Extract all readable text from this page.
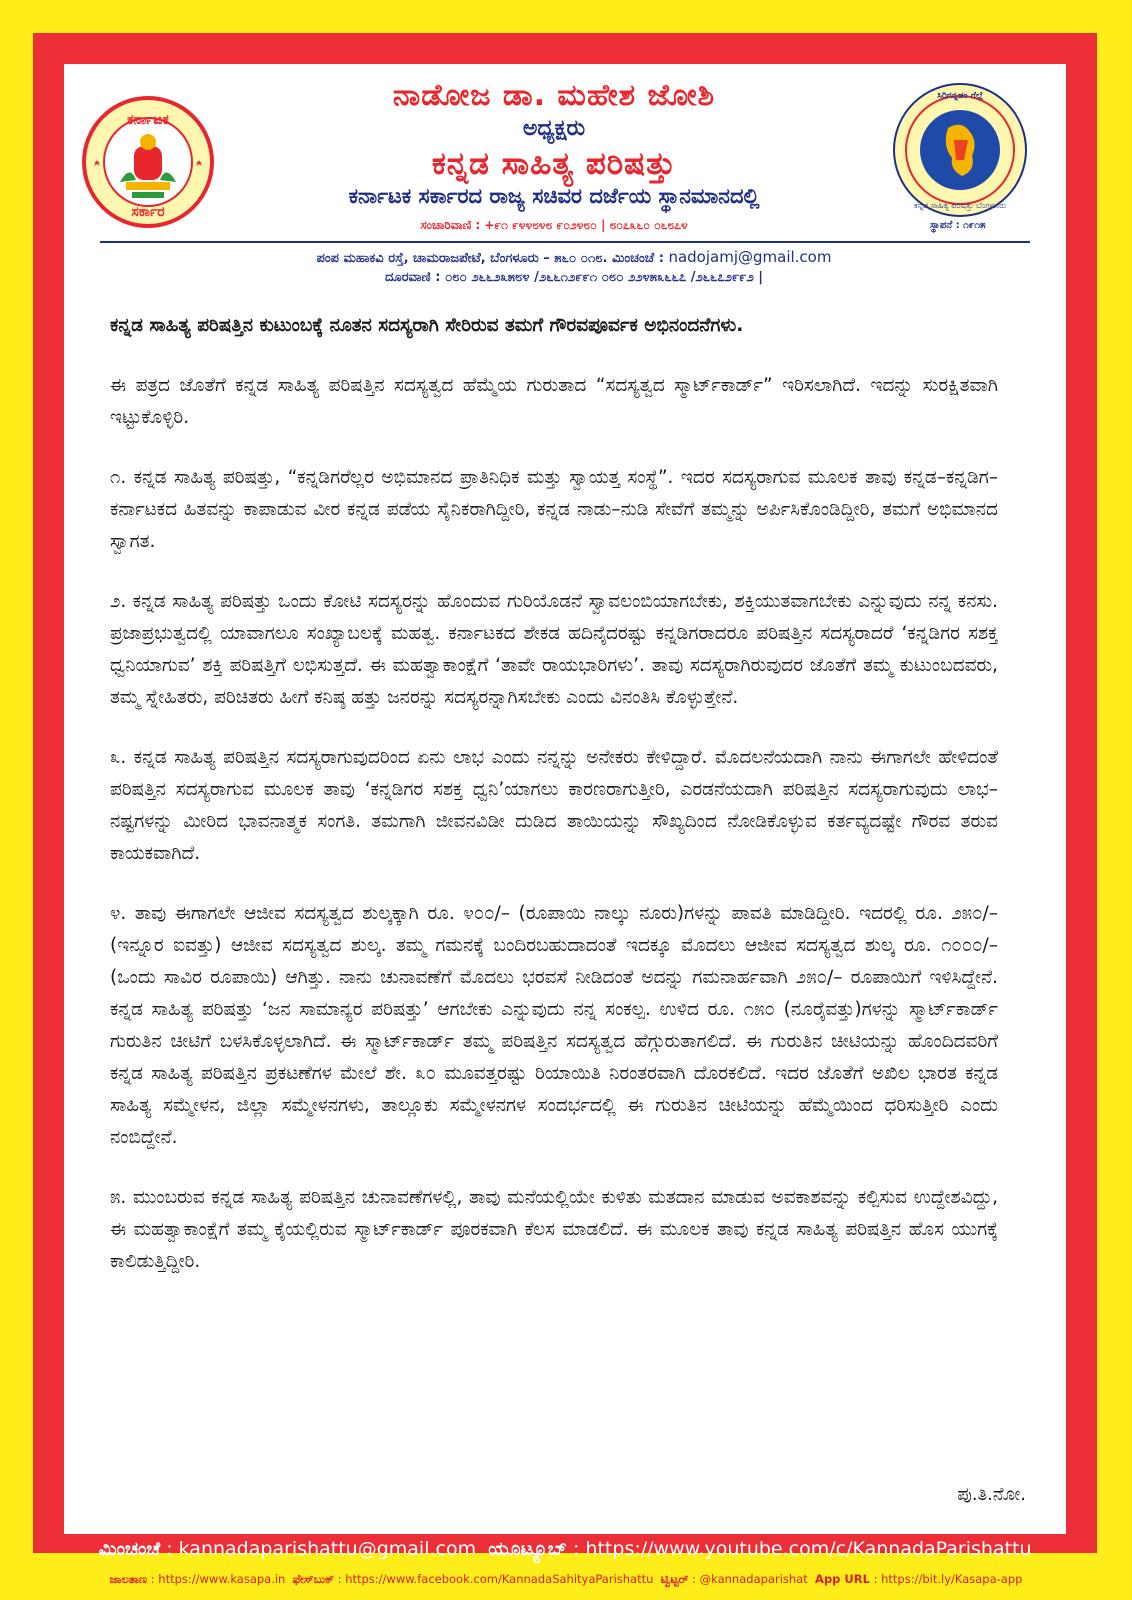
ಕರ್ನಾಟಕ
ಸರ್ಕಾರ
ನಾಡೋಜ ಡಾ. ಮಹೇಶ ಜೋಶಿ
ಅಧ್ಯಕ್ಷರು
ಕನ್ನಡ ಸಾಹಿತ್ಯ ಪರಿಷತ್ತು
ಕರ್ನಾಟಕ ಸರ್ಕಾರದ ರಾಜ್ಯ ಸಚಿವರ ದರ್ಜೆಯ ಸ್ಥಾನಮಾನದಲ್ಲಿ
ಸಂಚಾರಿವಾಣಿ : +೯೧ ೯೪೪೮೪೮ ೯೦೨೪೮೦ | ೮೦೭೩೬೦ ೦೬೮೭೪
ಸಿರಿಗನ್ನಡಂ ಗೆಲ್ಗೆ
ಕನ್ನಡ ಸಾಹಿತ್ಯ ಪರಿಷತ್ತು ಬೆಂಗಳೂರು
ಸ್ಥಾಪನೆ : ೧೯೧೫
ಪಂಪ ಮಹಾಕವಿ ರಸ್ತೆ, ಚಾಮರಾಜಪೇಟೆ, ಬೆಂಗಳೂರು – ೫೬೦ ೦೧೮. ಮಿಂಚಂಚೆ : nadojamj@gmail.com
ದೂರವಾಣಿ : ೦೮೦ ೨೬೬೨೩೫೮೪ /೨೬೬೧೨೯೯೧ ೦೮೦ ೨೨೪೫೩೬೬೭ /೨೬೬೭೨೯೯೨ |

ಕನ್ನಡ ಸಾಹಿತ್ಯ ಪರಿಷತ್ತಿನ ಕುಟುಂಬಕ್ಕೆ ನೂತನ ಸದಸ್ಯರಾಗಿ ಸೇರಿರುವ ತಮಗೆ ಗೌರವಪೂರ್ವಕ ಅಭಿನಂದನೆಗಳು.

ಈ ಪತ್ರದ ಜೊತೆಗೆ ಕನ್ನಡ ಸಾಹಿತ್ಯ ಪರಿಷತ್ತಿನ ಸದಸ್ಯತ್ವದ ಹೆಮ್ಮೆಯ ಗುರುತಾದ “ಸದಸ್ಯತ್ವದ ಸ್ಮಾರ್ಟ್‌ಕಾರ್ಡ್” ಇರಿಸಲಾಗಿದೆ. ಇದನ್ನು ಸುರಕ್ಷಿತವಾಗಿ ಇಟ್ಟುಕೊಳ್ಳಿರಿ.

೧. ಕನ್ನಡ ಸಾಹಿತ್ಯ ಪರಿಷತ್ತು, “ಕನ್ನಡಿಗರೆಲ್ಲರ ಅಭಿಮಾನದ ಪ್ರಾತಿನಿಧಿಕ ಮತ್ತು ಸ್ವಾಯತ್ತ ಸಂಸ್ಥೆ”. ಇದರ ಸದಸ್ಯರಾಗುವ ಮೂಲಕ ತಾವು ಕನ್ನಡ–ಕನ್ನಡಿಗ–ಕರ್ನಾಟಕದ ಹಿತವನ್ನು ಕಾಪಾಡುವ ವೀರ ಕನ್ನಡ ಪಡೆಯ ಸೈನಿಕರಾಗಿದ್ದೀರಿ, ಕನ್ನಡ ನಾಡು–ನುಡಿ ಸೇವೆಗೆ ತಮ್ಮನ್ನು ಅರ್ಪಿಸಿಕೊಂಡಿದ್ದೀರಿ, ತಮಗೆ ಅಭಿಮಾನದ ಸ್ವಾಗತ.

೨. ಕನ್ನಡ ಸಾಹಿತ್ಯ ಪರಿಷತ್ತು ಒಂದು ಕೋಟಿ ಸದಸ್ಯರನ್ನು ಹೊಂದುವ ಗುರಿಯೊಡನೆ ಸ್ವಾವಲಂಬಿಯಾಗಬೇಕು, ಶಕ್ತಿಯುತವಾಗಬೇಕು ಎನ್ನುವುದು ನನ್ನ ಕನಸು. ಪ್ರಜಾಪ್ರಭುತ್ವದಲ್ಲಿ ಯಾವಾಗಲೂ ಸಂಖ್ಯಾಬಲಕ್ಕೆ ಮಹತ್ವ. ಕರ್ನಾಟಕದ ಶೇಕಡ ಹದಿನೈದರಷ್ಟು ಕನ್ನಡಿಗರಾದರೂ ಪರಿಷತ್ತಿನ ಸದಸ್ಯರಾದರೆ ‘ಕನ್ನಡಿಗರ ಸಶಕ್ತ ಧ್ವನಿಯಾಗುವ’ ಶಕ್ತಿ ಪರಿಷತ್ತಿಗೆ ಲಭಿಸುತ್ತದೆ. ಈ ಮಹತ್ವಾಕಾಂಕ್ಷೆಗೆ ‘ತಾವೇ ರಾಯಭಾರಿಗಳು’. ತಾವು ಸದಸ್ಯರಾಗಿರುವುದರ ಜೊತೆಗೆ ತಮ್ಮ ಕುಟುಂಬದವರು, ತಮ್ಮ ಸ್ನೇಹಿತರು, ಪರಿಚಿತರು ಹೀಗೆ ಕನಿಷ್ಠ ಹತ್ತು ಜನರನ್ನು ಸದಸ್ಯರನ್ನಾಗಿಸಬೇಕು ಎಂದು ವಿನಂತಿಸಿ ಕೊಳ್ಳುತ್ತೇನೆ.

೩. ಕನ್ನಡ ಸಾಹಿತ್ಯ ಪರಿಷತ್ತಿನ ಸದಸ್ಯರಾಗುವುದರಿಂದ ಏನು ಲಾಭ ಎಂದು ನನ್ನನ್ನು ಅನೇಕರು ಕೇಳಿದ್ದಾರೆ. ಮೊದಲನೆಯದಾಗಿ ನಾನು ಈಗಾಗಲೇ ಹೇಳಿದಂತೆ ಪರಿಷತ್ತಿನ ಸದಸ್ಯರಾಗುವ ಮೂಲಕ ತಾವು ‘ಕನ್ನಡಿಗರ ಸಶಕ್ತ ಧ್ವನಿ’ಯಾಗಲು ಕಾರಣರಾಗುತ್ತೀರಿ, ಎರಡನೆಯದಾಗಿ ಪರಿಷತ್ತಿನ ಸದಸ್ಯರಾಗುವುದು ಲಾಭ–ನಷ್ಟಗಳನ್ನು ಮೀರಿದ ಭಾವನಾತ್ಮಕ ಸಂಗತಿ. ತಮಗಾಗಿ ಜೀವನವಿಡೀ ದುಡಿದ ತಾಯಿಯನ್ನು ಸೌಖ್ಯದಿಂದ ನೋಡಿಕೊಳ್ಳುವ ಕರ್ತವ್ಯದಷ್ಟೇ ಗೌರವ ತರುವ ಕಾಯಕವಾಗಿದೆ.

೪. ತಾವು ಈಗಾಗಲೇ ಆಜೀವ ಸದಸ್ಯತ್ವದ ಶುಲ್ಕಕ್ಕಾಗಿ ರೂ. ೪೦೦/– (ರೂಪಾಯಿ ನಾಲ್ಕು ನೂರು)ಗಳನ್ನು ಪಾವತಿ ಮಾಡಿದ್ದೀರಿ. ಇದರಲ್ಲಿ ರೂ. ೨೫೦/– (ಇನ್ನೂರ ಐವತ್ತು) ಆಜೀವ ಸದಸ್ಯತ್ವದ ಶುಲ್ಕ. ತಮ್ಮ ಗಮನಕ್ಕೆ ಬಂದಿರಬಹುದಾದಂತೆ ಇದಕ್ಕೂ ಮೊದಲು ಆಜೀವ ಸದಸ್ಯತ್ವದ ಶುಲ್ಕ ರೂ. ೧೦೦೦/– (ಒಂದು ಸಾವಿರ ರೂಪಾಯಿ) ಆಗಿತ್ತು. ನಾನು ಚುನಾವಣೆಗೆ ಮೊದಲು ಭರವಸೆ ನೀಡಿದಂತೆ ಅದನ್ನು ಗಮನಾರ್ಹವಾಗಿ ೨೫೦/– ರೂಪಾಯಿಗೆ ಇಳಿಸಿದ್ದೇನೆ. ಕನ್ನಡ ಸಾಹಿತ್ಯ ಪರಿಷತ್ತು ‘ಜನ ಸಾಮಾನ್ಯರ ಪರಿಷತ್ತು’ ಆಗಬೇಕು ಎನ್ನುವುದು ನನ್ನ ಸಂಕಲ್ಪ. ಉಳಿದ ರೂ. ೧೫೦ (ನೂರೈವತ್ತು)ಗಳನ್ನು ಸ್ಮಾರ್ಟ್‌ಕಾರ್ಡ್ ಗುರುತಿನ ಚೀಟಿಗೆ ಬಳಸಿಕೊಳ್ಳಲಾಗಿದೆ. ಈ ಸ್ಮಾರ್ಟ್‌ಕಾರ್ಡ್ ತಮ್ಮ ಪರಿಷತ್ತಿನ ಸದಸ್ಯತ್ವದ ಹೆಗ್ಗುರುತಾಗಲಿದೆ. ಈ ಗುರುತಿನ ಚೀಟಿಯನ್ನು ಹೊಂದಿದವರಿಗೆ ಕನ್ನಡ ಸಾಹಿತ್ಯ ಪರಿಷತ್ತಿನ ಪ್ರಕಟಣೆಗಳ ಮೇಲೆ ಶೇ. ೩೦ ಮೂವತ್ತರಷ್ಟು ರಿಯಾಯಿತಿ ನಿರಂತರವಾಗಿ ದೊರಕಲಿದೆ. ಇದರ ಜೊತೆಗೆ ಅಖಿಲ ಭಾರತ ಕನ್ನಡ ಸಾಹಿತ್ಯ ಸಮ್ಮೇಳನ, ಜಿಲ್ಲಾ ಸಮ್ಮೇಳನಗಳು, ತಾಲ್ಲೂಕು ಸಮ್ಮೇಳನಗಳ ಸಂದರ್ಭದಲ್ಲಿ ಈ ಗುರುತಿನ ಚೀಟಿಯನ್ನು ಹೆಮ್ಮೆಯಿಂದ ಧರಿಸುತ್ತೀರಿ ಎಂದು ನಂಬಿದ್ದೇನೆ.

೫. ಮುಂಬರುವ ಕನ್ನಡ ಸಾಹಿತ್ಯ ಪರಿಷತ್ತಿನ ಚುನಾವಣೆಗಳಲ್ಲಿ, ತಾವು ಮನೆಯಲ್ಲಿಯೇ ಕುಳಿತು ಮತದಾನ ಮಾಡುವ ಅವಕಾಶವನ್ನು ಕಲ್ಪಿಸುವ ಉದ್ದೇಶವಿದ್ದು, ಈ ಮಹತ್ವಾಕಾಂಕ್ಷೆಗೆ ತಮ್ಮ ಕೈಯಲ್ಲಿರುವ ಸ್ಮಾರ್ಟ್‌ಕಾರ್ಡ್ ಪೂರಕವಾಗಿ ಕೆಲಸ ಮಾಡಲಿದೆ. ಈ ಮೂಲಕ ತಾವು ಕನ್ನಡ ಸಾಹಿತ್ಯ ಪರಿಷತ್ತಿನ ಹೊಸ ಯುಗಕ್ಕೆ ಕಾಲಿಡುತ್ತಿದ್ದೀರಿ.

ಪು.ತಿ.ನೋ.
ಮಿಂಚಂಚೆ : kannadaparishattu@gmail.com ಯೂಟ್ಯೂಬ್ : https://www.youtube.com/c/KannadaParishattu
ಜಾಲತಾಣ : https://www.kasapa.in ಫೇಸ್‌ಬುಕ್ : https://www.facebook.com/KannadaSahityaParishattu ಟ್ವಿಟ್ಟರ್ : @kannadaparishat App URL : https://bit.ly/Kasapa-app
